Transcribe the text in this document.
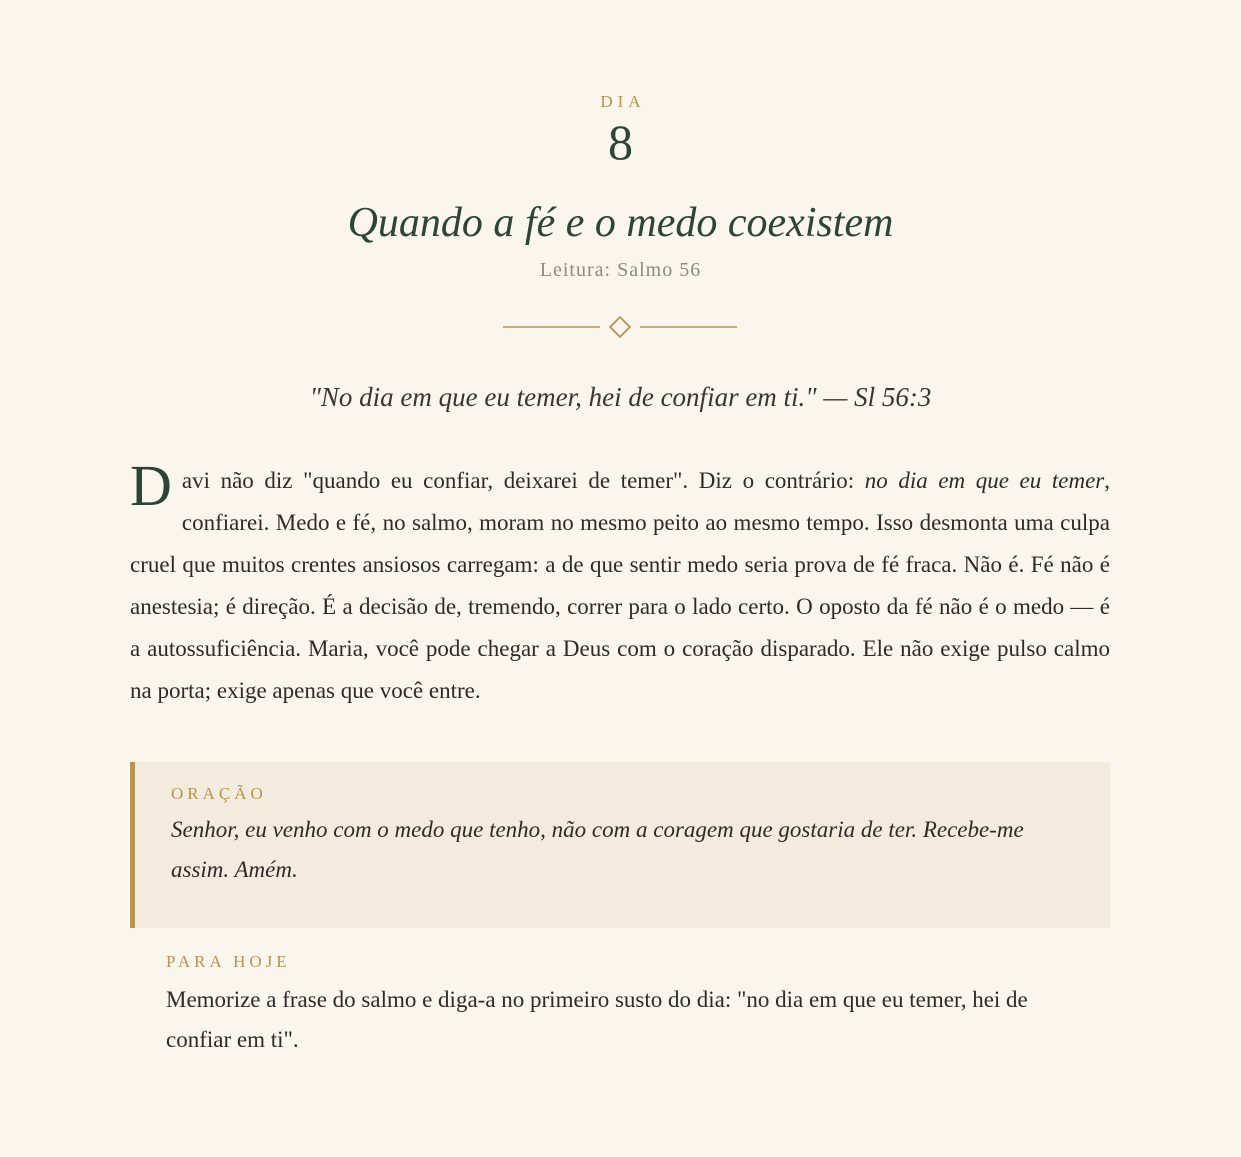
DIA
8
Quando a fé e o medo coexistem
Leitura: Salmo 56
"No dia em que eu temer, hei de confiar em ti." — Sl 56:3
Davi não diz "quando eu confiar, deixarei de temer". Diz o contrário: no dia em que eu temer, confiarei. Medo e fé, no salmo, moram no mesmo peito ao mesmo tempo. Isso desmonta uma culpa cruel que muitos crentes ansiosos carregam: a de que sentir medo seria prova de fé fraca. Não é. Fé não é anestesia; é direção. É a decisão de, tremendo, correr para o lado certo. O oposto da fé não é o medo — é a autossuficiência. Maria, você pode chegar a Deus com o coração disparado. Ele não exige pulso calmo na porta; exige apenas que você entre.
ORAÇÃO
Senhor, eu venho com o medo que tenho, não com a coragem que gostaria de ter. Recebe-me assim. Amém.
PARA HOJE
Memorize a frase do salmo e diga-a no primeiro susto do dia: "no dia em que eu temer, hei de confiar em ti".
